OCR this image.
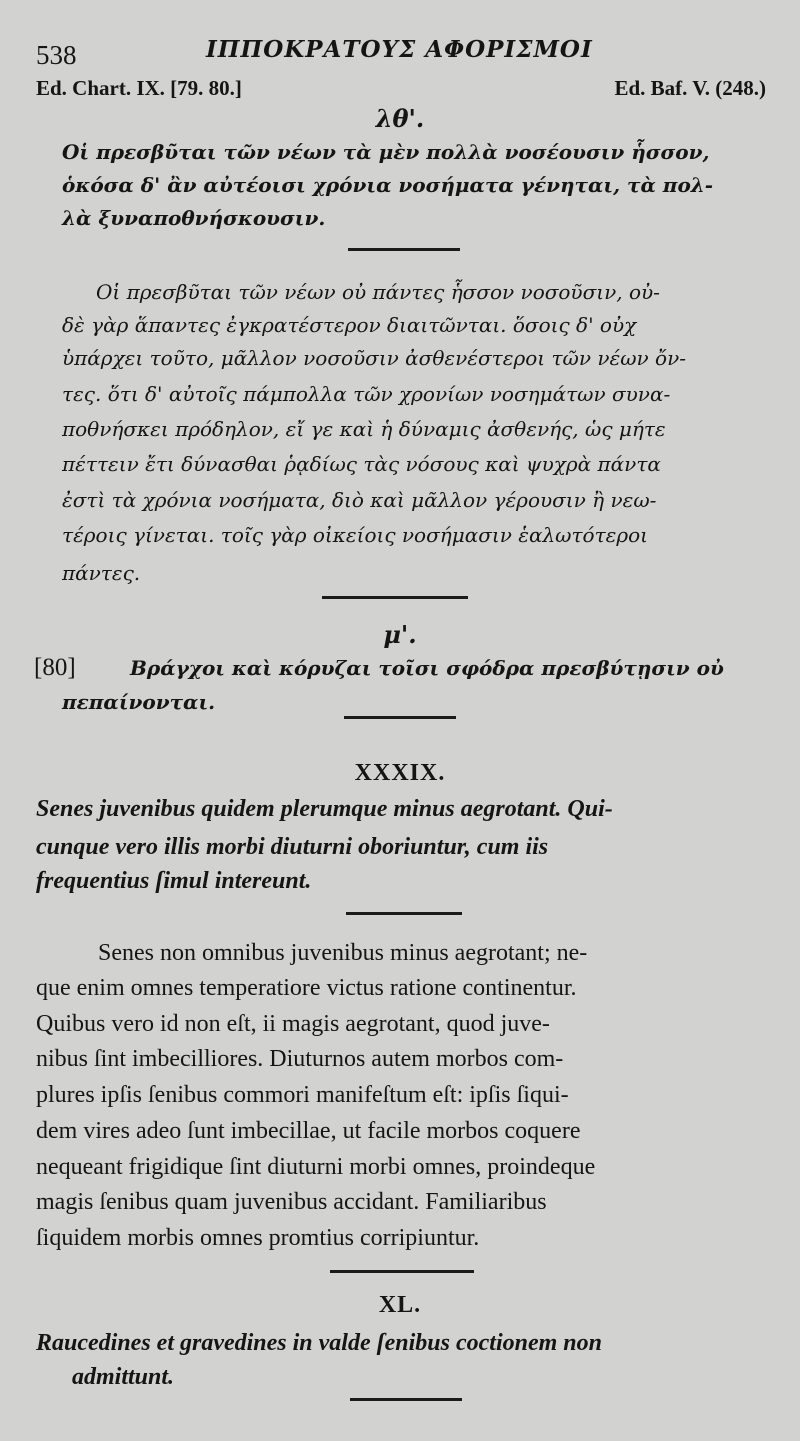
538	ΙΠΠΟΚΡΑΤΟΥΣ ΑΦΟΡΙΣΜΟΙ
Ed. Chart. IX. [79. 80.]	Ed. Baf. V. (248.)
λθ'.
Οἱ πρεσβῦται τῶν νέων τὰ μὲν πολλὰ νοσέουσιν ἧσσον,
ὁκόσα δ' ἂν αὐτέοισι χρόνια νοσήματα γένηται, τὰ πολ-
λὰ ξυναποθνήσκουσιν.
Οἱ πρεσβῦται τῶν νέων οὐ πάντες ἧσσον νοσοῦσιν, οὐ-
δὲ γὰρ ἅπαντες ἐγκρατέστερον διαιτῶνται. ὅσοις δ' οὐχ
ὑπάρχει τοῦτο, μᾶλλον νοσοῦσιν ἀσθενέστεροι τῶν νέων ὄν-
τες. ὅτι δ' αὐτοῖς πάμπολλα τῶν χρονίων νοσημάτων συνα-
ποθνήσκει πρόδηλον, εἴ γε καὶ ἡ δύναμις ἀσθενής, ὡς μήτε
πέττειν ἔτι δύνασθαι ῥᾳδίως τὰς νόσους καὶ ψυχρὰ πάντα
ἐστὶ τὰ χρόνια νοσήματα, διὸ καὶ μᾶλλον γέρουσιν ἢ νεω-
τέροις γίνεται. τοῖς γὰρ οἰκείοις νοσήμασιν ἑαλωτότεροι
πάντες.
μ'.
[80]	Βράγχοι καὶ κόρυζαι τοῖσι σφόδρα πρεσβύτῃσιν οὐ
πεπαίνονται.
XXXIX.
Senes juvenibus quidem plerumque minus aegrotant. Qui-
cunque vero illis morbi diuturni oboriuntur, cum iis
frequentius ſimul intereunt.
Senes non omnibus juvenibus minus aegrotant; ne-
que enim omnes temperatiore victus ratione continentur.
Quibus vero id non eſt, ii magis aegrotant, quod juve-
nibus ſint imbecilliores. Diuturnos autem morbos com-
plures ipſis ſenibus commori manifeſtum eſt: ipſis ſiqui-
dem vires adeo ſunt imbecillae, ut facile morbos coquere
nequeant frigidique ſint diuturni morbi omnes, proindeque
magis ſenibus quam juvenibus accidant. Familiaribus
ſiquidem morbis omnes promtius corripiuntur.
XL.
Raucedines et gravedines in valde ſenibus coctionem non
admittunt.
